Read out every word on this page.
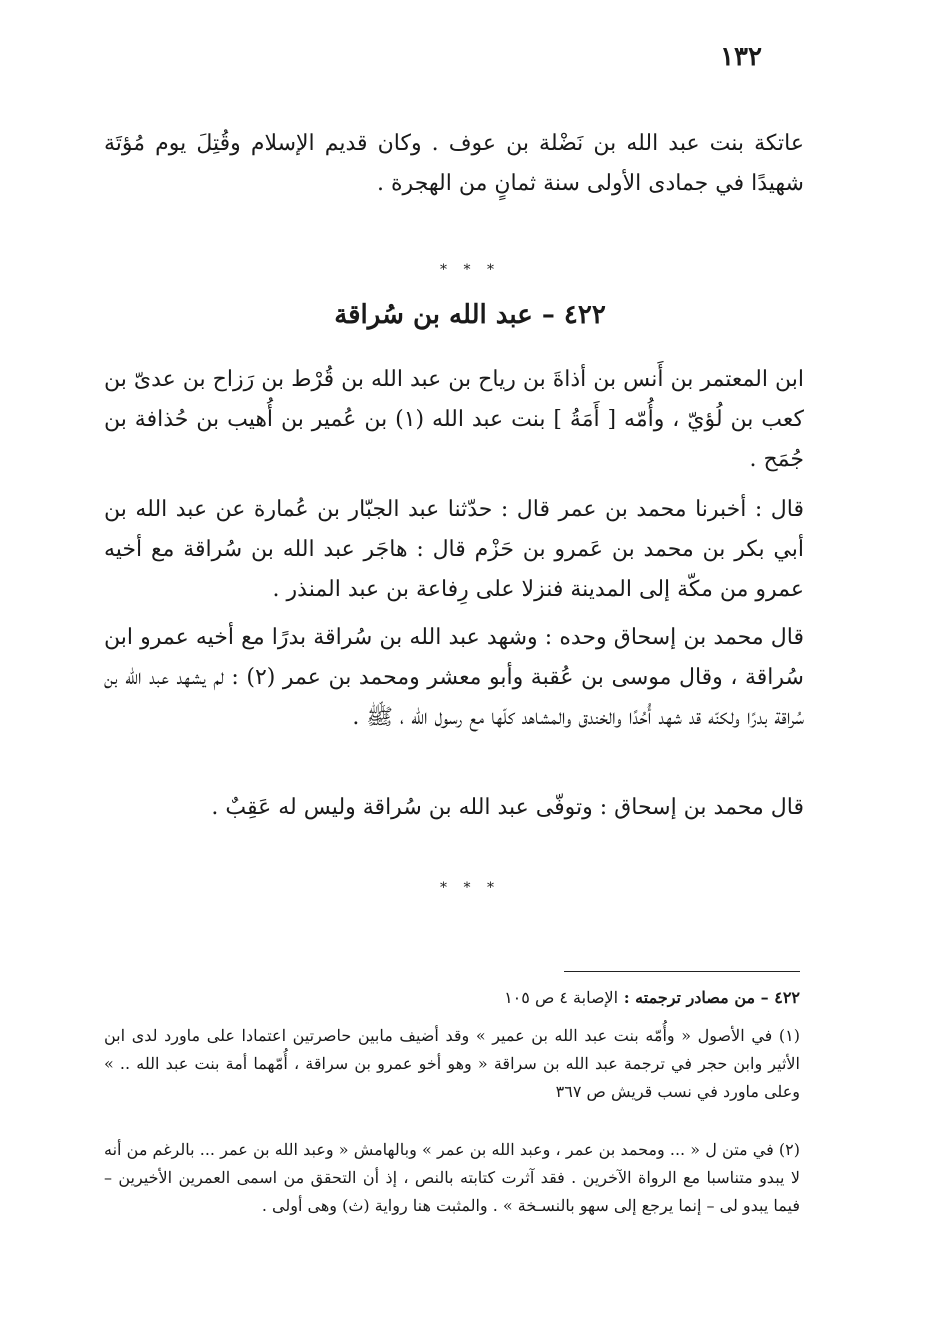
١٣٢
عاتكة بنت عبد الله بن نَضْلة بن عوف . وكان قديم الإسلام وقُتِلَ يوم مُؤتَة شهيدًا في جمادى الأولى سنة ثمانٍ من الهجرة .
* * *
٤٢٢ – عبد الله بن سُراقة
ابن المعتمر بن أَنس بن أذاةَ بن رياح بن عبد الله بن قُرْط بن رَزاح بن عدىّ بن كعب بن لُؤيّ ، وأُمّه [ أَمَةُ ] بنت عبد الله (١) بن عُمير بن أُهيب بن حُذافة بن جُمَح .
قال : أخبرنا محمد بن عمر قال : حدّثنا عبد الجبّار بن عُمارة عن عبد الله بن أبي بكر بن محمد بن عَمرو بن حَزْم قال : هاجَر عبد الله بن سُراقة مع أخيه عمرو من مكّة إلى المدينة فنزلا على رِفاعة بن عبد المنذر .
قال محمد بن إسحاق وحده : وشهد عبد الله بن سُراقة بدرًا مع أخيه عمرو ابن سُراقة ، وقال موسى بن عُقبة وأبو معشر ومحمد بن عمر (٢) : لم يشهد عبد الله بن سُراقة بدرًا ولكنّه قد شهد أُحُدًا والخندق والمشاهد كلّها مع رسول الله ، ﷺ .
قال محمد بن إسحاق : وتوفّى عبد الله بن سُراقة وليس له عَقِبٌ .
* * *
٤٢٢ – من مصادر ترجمته : الإصابة ٤ ص ١٠٥
(١) في الأصول « وأُمّه بنت عبد الله بن عمير » وقد أضيف مابين حاصرتين اعتمادا على ماورد لدى ابن الأثير وابن حجر في ترجمة عبد الله بن سراقة « وهو أخو عمرو بن سراقة ، أُمّهما أمة بنت عبد الله .. » وعلى ماورد في نسب قريش ص ٣٦٧
(٢) في متن ل « ... ومحمد بن عمر ، وعبد الله بن عمر » وبالهامش « وعبد الله بن عمر ... بالرغم من أنه لا يبدو متناسبا مع الرواة الآخرين . فقد آثرت كتابته بالنص ، إذ أن التحقق من اسمى العمرين الأخيرين – فيما يبدو لى – إنما يرجع إلى سهو بالنسـخة » . والمثبت هنا رواية (ث) وهى أولى .
